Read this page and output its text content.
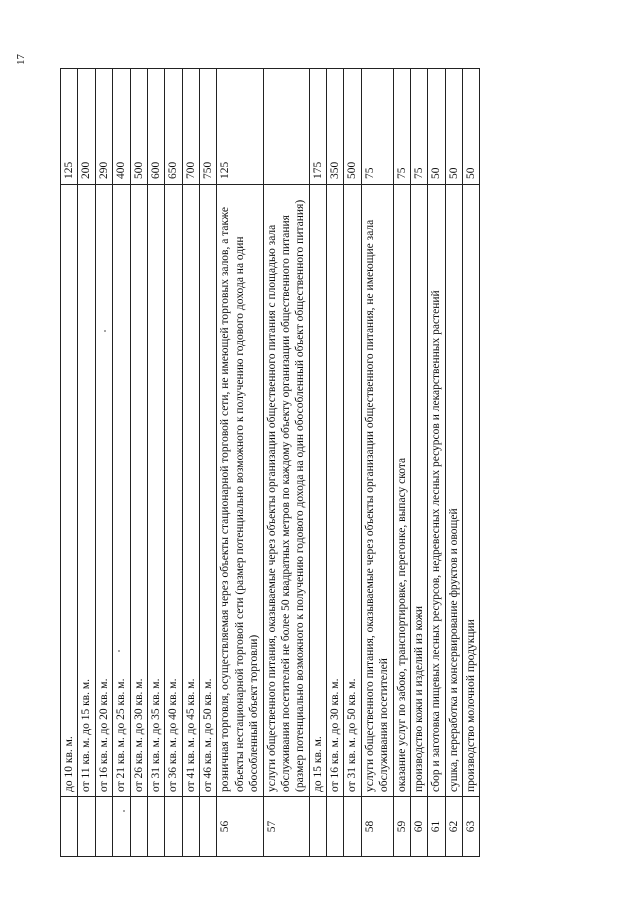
17
	до 10 кв. м.	125
	от 11 кв. м. до 15 кв. м.	200
	от 16 кв. м. до 20 кв. м.	290
	от 21 кв. м. до 25 кв. м.	400
	от 26 кв. м. до 30 кв. м.	500
	от 31 кв. м. до 35 кв. м.	600
	от 36 кв. м. до 40 кв. м.	650
	от 41 кв. м. до 45 кв. м.	700
	от 46 кв. м. до 50 кв. м.	750
56	розничная торговля, осуществляемая через объекты стационарной торговой сети, не имеющей торговых залов, а также объекты нестационарной торговой сети (размер потенциально возможного к получению годового дохода на один обособленный объект торговли)	125
57	услуги общественного питания, оказываемые через объекты организации общественного питания с площадью зала обслуживания посетителей не более 50 квадратных метров по каждому объекту организации общественного питания (размер потенциально возможного к получению годового дохода на один обособленный объект общественного питания)	
	до 15 кв. м.	175
	от 16 кв. м. до 30 кв. м.	350
	от 31 кв. м. до 50 кв. м.	500
58	услуги общественного питания, оказываемые через объекты организации общественного питания, не имеющие зала обслуживания посетителей	75
59	оказание услуг по забою, транспортировке, перегонке, выпасу скота	75
60	производство кожи и изделий из кожи	75
61	сбор и заготовка пищевых лесных ресурсов, недревесных лесных ресурсов и лекарственных растений	50
62	сушка, переработка и консервирование фруктов и овощей	50
63	производство молочной продукции	50
